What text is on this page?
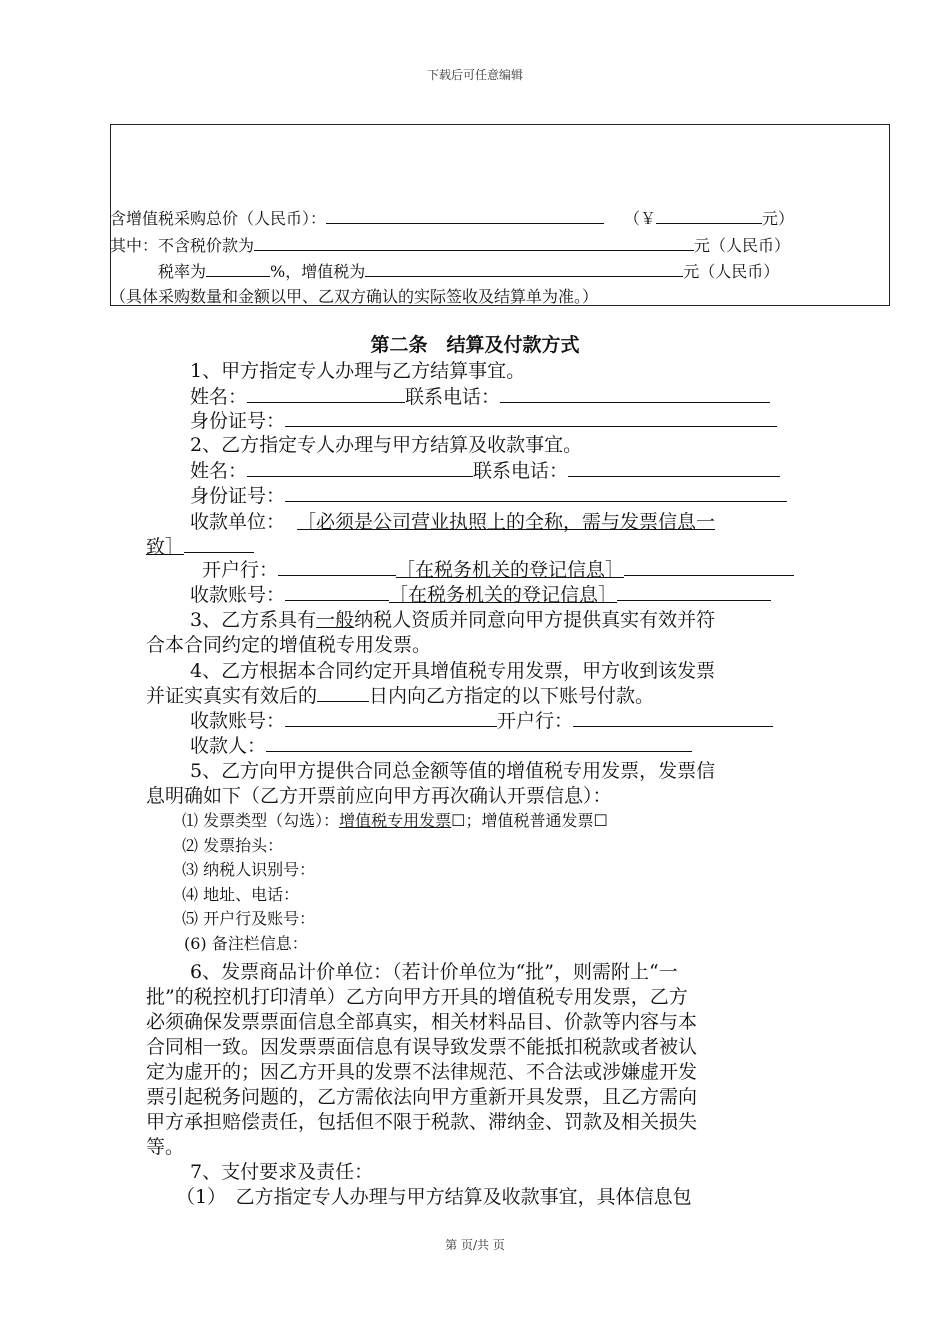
下载后可任意编辑
含增值税采购总价（人民币）：	（￥	元）
其中：不含税价款为	元（人民币）
税率为	%，增值税为	元（人民币）
（具体采购数量和金额以甲、乙双方确认的实际签收及结算单为准。）
第二条　结算及付款方式
1、甲方指定专人办理与乙方结算事宜。
姓名：	联系电话：
身份证号：
2、乙方指定专人办理与甲方结算及收款事宜。
姓名：	联系电话：
身份证号：
收款单位： ［必须是公司营业执照上的全称，需与发票信息一
致］
开户行：	［在税务机关的登记信息］
收款账号：	［在税务机关的登记信息］
3、乙方系具有一般纳税人资质并同意向甲方提供真实有效并符
合本合同约定的增值税专用发票。
4、乙方根据本合同约定开具增值税专用发票，甲方收到该发票
并证实真实有效后的	日内向乙方指定的以下账号付款。
收款账号：	开户行：
收款人：
5、乙方向甲方提供合同总金额等值的增值税专用发票，发票信
息明确如下（乙方开票前应向甲方再次确认开票信息）：
⑴ 发票类型（勾选）：增值税专用发票☐；增值税普通发票☐
⑵ 发票抬头：
⑶ 纳税人识别号：
⑷ 地址、电话：
⑸ 开户行及账号：
(6) 备注栏信息：
6、发票商品计价单位：（若计价单位为“批”，则需附上“一
批”的税控机打印清单）乙方向甲方开具的增值税专用发票，乙方
必须确保发票票面信息全部真实，相关材料品目、价款等内容与本
合同相一致。因发票票面信息有误导致发票不能抵扣税款或者被认
定为虚开的；因乙方开具的发票不法律规范、不合法或涉嫌虚开发
票引起税务问题的，乙方需依法向甲方重新开具发票，且乙方需向
甲方承担赔偿责任，包括但不限于税款、滞纳金、罚款及相关损失
等。
7、支付要求及责任：
（1）　乙方指定专人办理与甲方结算及收款事宜，具体信息包
第 页/共 页
